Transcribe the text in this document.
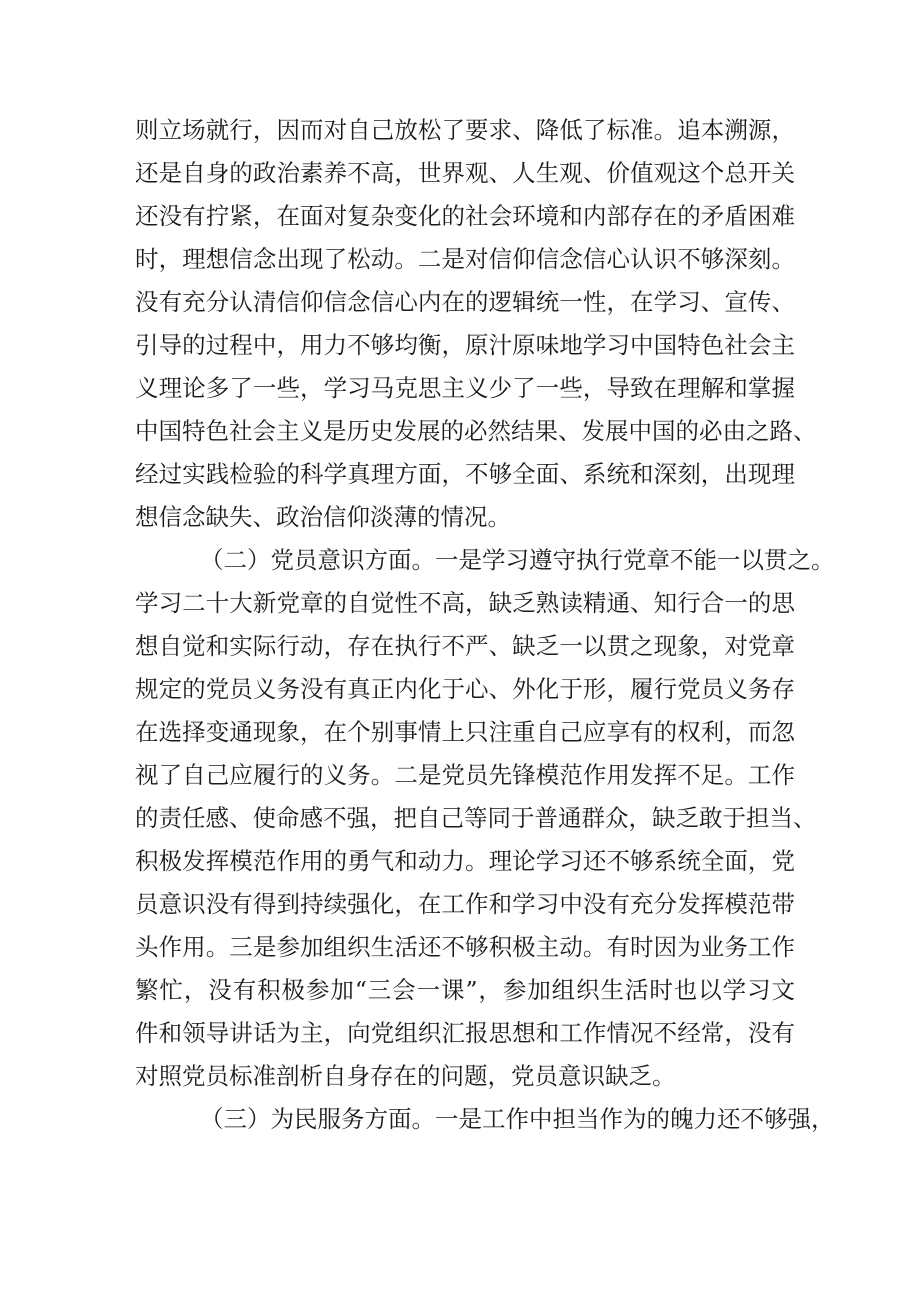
则立场就行，因而对自己放松了要求、降低了标准。追本溯源，

还是自身的政治素养不高，世界观、人生观、价值观这个总开关

还没有拧紧，在面对复杂变化的社会环境和内部存在的矛盾困难

时，理想信念出现了松动。二是对信仰信念信心认识不够深刻。

没有充分认清信仰信念信心内在的逻辑统一性，在学习、宣传、

引导的过程中，用力不够均衡，原汁原味地学习中国特色社会主

义理论多了一些，学习马克思主义少了一些，导致在理解和掌握

中国特色社会主义是历史发展的必然结果、发展中国的必由之路、

经过实践检验的科学真理方面，不够全面、系统和深刻，出现理

想信念缺失、政治信仰淡薄的情况。

（二）党员意识方面。一是学习遵守执行党章不能一以贯之。

学习二十大新党章的自觉性不高，缺乏熟读精通、知行合一的思

想自觉和实际行动，存在执行不严、缺乏一以贯之现象，对党章

规定的党员义务没有真正内化于心、外化于形，履行党员义务存

在选择变通现象，在个别事情上只注重自己应享有的权利，而忽

视了自己应履行的义务。二是党员先锋模范作用发挥不足。工作

的责任感、使命感不强，把自己等同于普通群众，缺乏敢于担当、

积极发挥模范作用的勇气和动力。理论学习还不够系统全面，党

员意识没有得到持续强化，在工作和学习中没有充分发挥模范带

头作用。三是参加组织生活还不够积极主动。有时因为业务工作

繁忙，没有积极参加“三会一课”，参加组织生活时也以学习文

件和领导讲话为主，向党组织汇报思想和工作情况不经常，没有

对照党员标准剖析自身存在的问题，党员意识缺乏。

（三）为民服务方面。一是工作中担当作为的魄力还不够强，
